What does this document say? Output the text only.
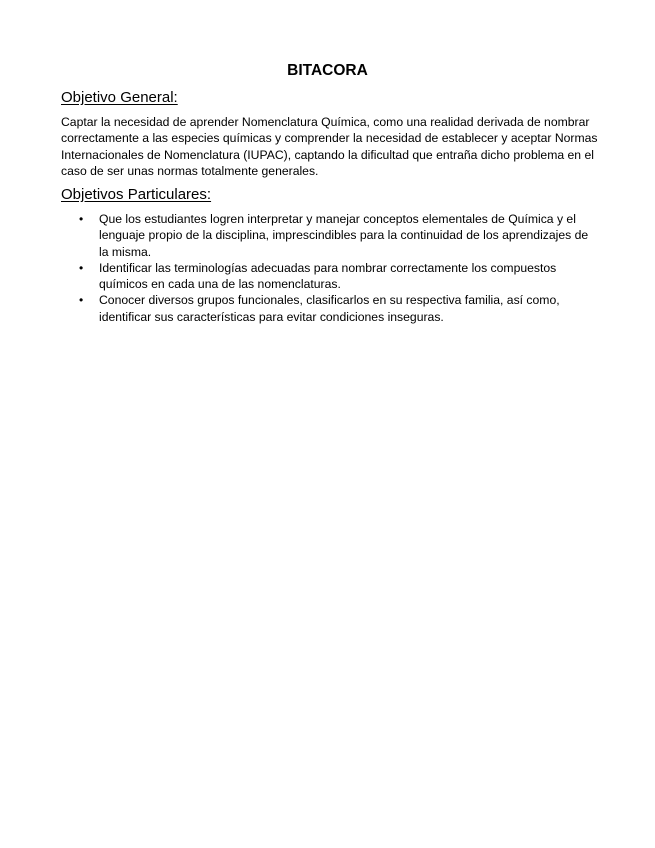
BITACORA
Objetivo General:
Captar la necesidad de aprender Nomenclatura Química, como una realidad derivada de nombrar correctamente a las especies químicas y comprender la necesidad de establecer y aceptar Normas Internacionales de Nomenclatura (IUPAC), captando la dificultad que entraña dicho problema en el caso de ser unas normas totalmente generales.
Objetivos Particulares:
• Que los estudiantes logren interpretar y manejar conceptos elementales de Química y el lenguaje propio de la disciplina, imprescindibles para la continuidad de los aprendizajes de la misma.
• Identificar las terminologías adecuadas para nombrar correctamente los compuestos químicos en cada una de las nomenclaturas.
• Conocer diversos grupos funcionales, clasificarlos en su respectiva familia, así como, identificar sus características para evitar condiciones inseguras.
